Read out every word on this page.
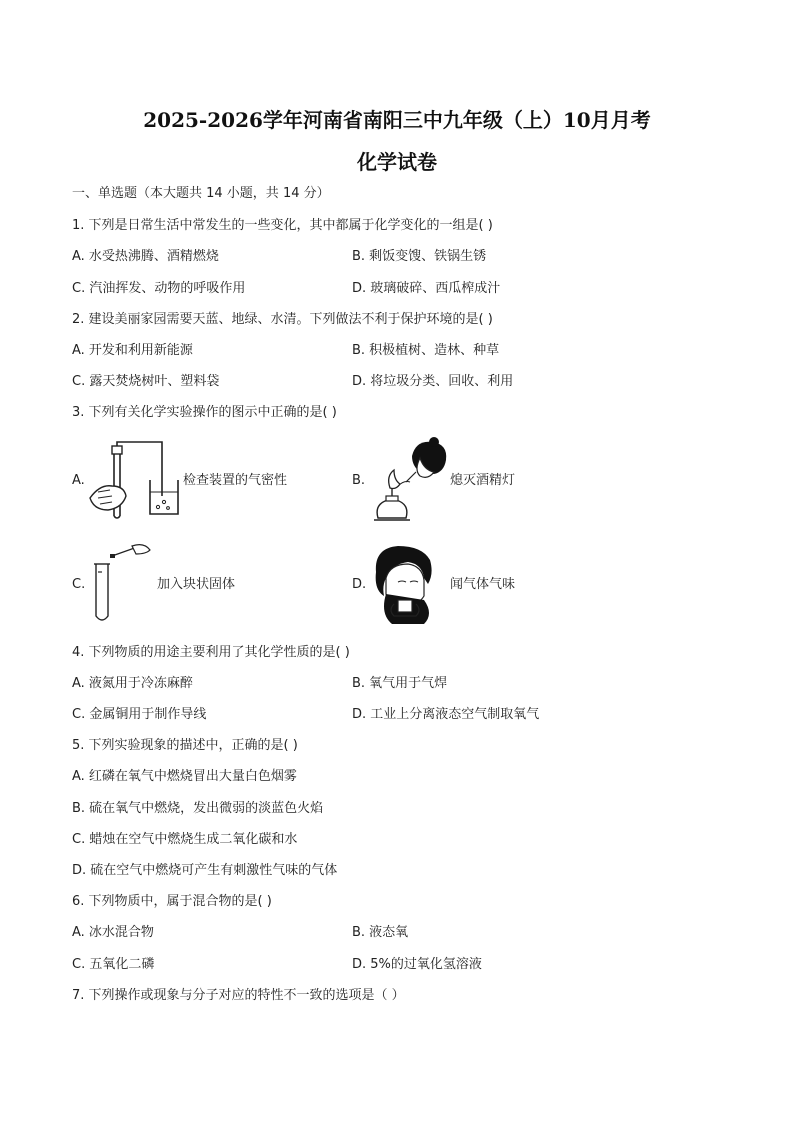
2025-2026学年河南省南阳三中九年级（上）10月月考
化学试卷
一、单选题（本大题共 14 小题，共 14 分）
1. 下列是日常生活中常发生的一些变化，其中都属于化学变化的一组是( )
A. 水受热沸腾、酒精燃烧	B. 剩饭变馊、铁锅生锈
C. 汽油挥发、动物的呼吸作用	D. 玻璃破碎、西瓜榨成汁
2. 建设美丽家园需要天蓝、地绿、水清。下列做法不利于保护环境的是( )
A. 开发和利用新能源	B. 积极植树、造林、种草
C. 露天焚烧树叶、塑料袋	D. 将垃圾分类、回收、利用
3. 下列有关化学实验操作的图示中正确的是( )
A.	检查装置的气密性	B.	熄灭酒精灯
C.	加入块状固体	D.	闻气体气味
4. 下列物质的用途主要利用了其化学性质的是( )
A. 液氮用于冷冻麻醉	B. 氧气用于气焊
C. 金属铜用于制作导线	D. 工业上分离液态空气制取氧气
5. 下列实验现象的描述中，正确的是( )
A. 红磷在氧气中燃烧冒出大量白色烟雾
B. 硫在氧气中燃烧，发出微弱的淡蓝色火焰
C. 蜡烛在空气中燃烧生成二氧化碳和水
D. 硫在空气中燃烧可产生有刺激性气味的气体
6. 下列物质中，属于混合物的是( )
A. 冰水混合物	B. 液态氧
C. 五氧化二磷	D. 5%的过氧化氢溶液
7. 下列操作或现象与分子对应的特性不一致的选项是（ ）
